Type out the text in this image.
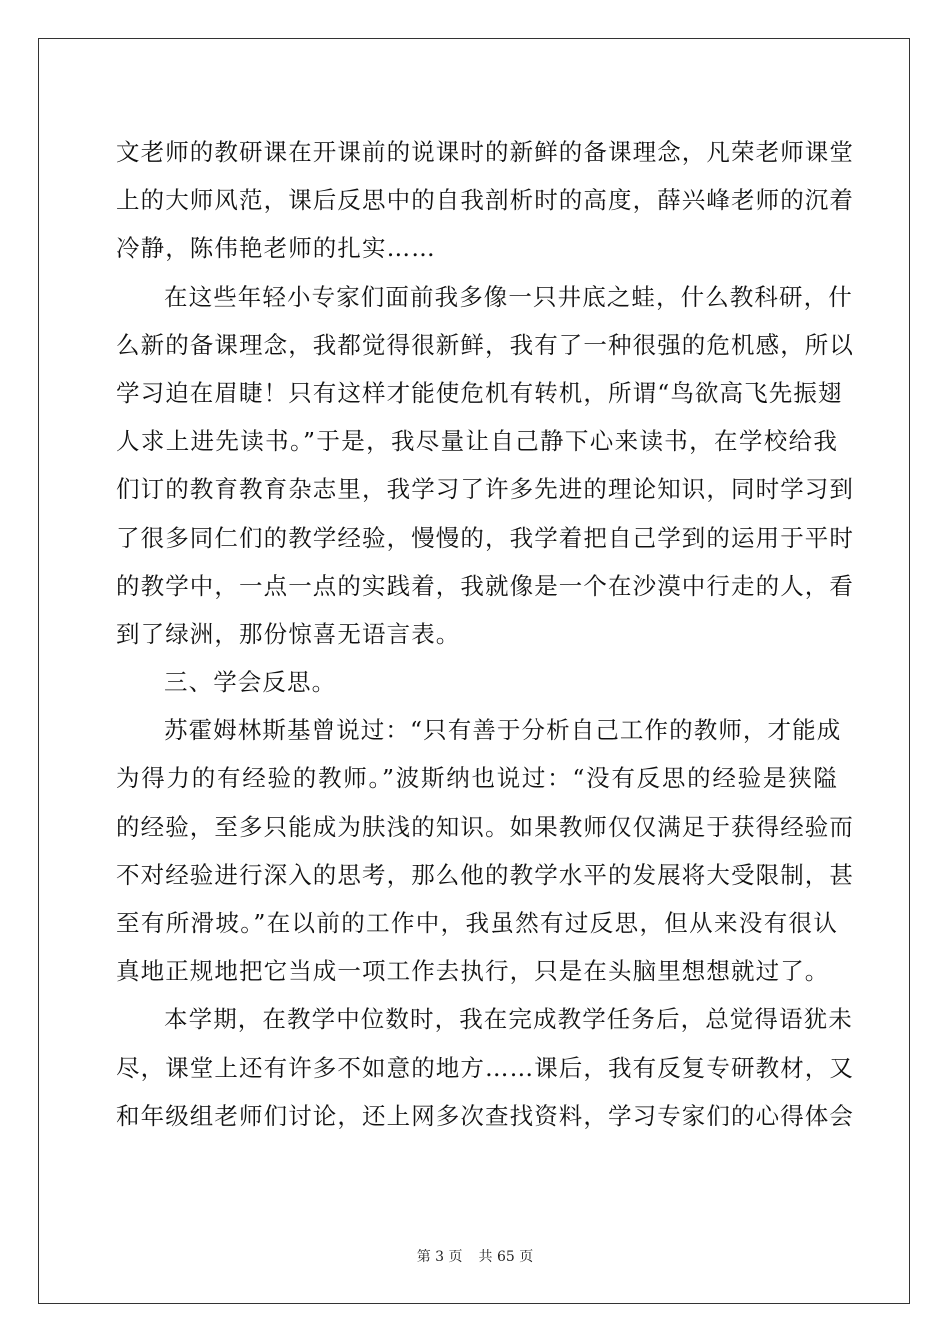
文老师的教研课在开课前的说课时的新鲜的备课理念，凡荣老师课堂
上的大师风范，课后反思中的自我剖析时的高度，薛兴峰老师的沉着
冷静，陈伟艳老师的扎实……
在这些年轻小专家们面前我多像一只井底之蛙，什么教科研，什
么新的备课理念，我都觉得很新鲜，我有了一种很强的危机感，所以
学习迫在眉睫！只有这样才能使危机有转机，所谓“鸟欲高飞先振翅
人求上进先读书。”于是，我尽量让自己静下心来读书，在学校给我
们订的教育教育杂志里，我学习了许多先进的理论知识，同时学习到
了很多同仁们的教学经验，慢慢的，我学着把自己学到的运用于平时
的教学中，一点一点的实践着，我就像是一个在沙漠中行走的人，看
到了绿洲，那份惊喜无语言表。
三、学会反思。
苏霍姆林斯基曾说过：“只有善于分析自己工作的教师，才能成
为得力的有经验的教师。”波斯纳也说过：“没有反思的经验是狭隘
的经验，至多只能成为肤浅的知识。如果教师仅仅满足于获得经验而
不对经验进行深入的思考，那么他的教学水平的发展将大受限制，甚
至有所滑坡。”在以前的工作中，我虽然有过反思，但从来没有很认
真地正规地把它当成一项工作去执行，只是在头脑里想想就过了。
本学期，在教学中位数时，我在完成教学任务后，总觉得语犹未
尽，课堂上还有许多不如意的地方……课后，我有反复专研教材，又
和年级组老师们讨论，还上网多次查找资料，学习专家们的心得体会
第 3 页 共 65 页
